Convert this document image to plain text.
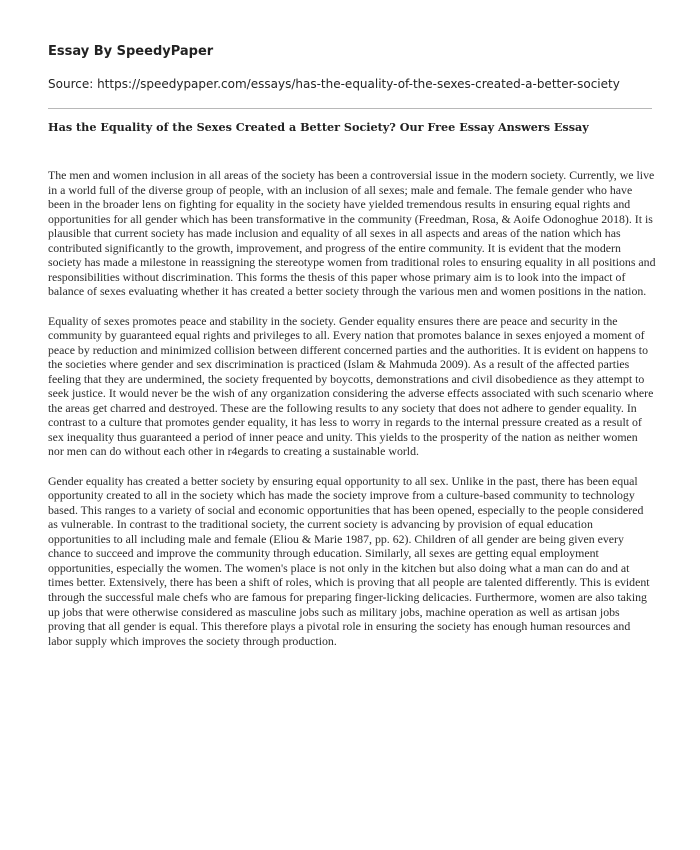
Essay By SpeedyPaper
Source: https://speedypaper.com/essays/has-the-equality-of-the-sexes-created-a-better-society
Has the Equality of the Sexes Created a Better Society? Our Free Essay Answers Essay

The men and women inclusion in all areas of the society has been a controversial issue in the modern society. Currently, we live in a world full of the diverse group of people, with an inclusion of all sexes; male and female. The female gender who have been in the broader lens on fighting for equality in the society have yielded tremendous results in ensuring equal rights and opportunities for all gender which has been transformative in the community (Freedman, Rosa, & Aoife Odonoghue 2018). It is plausible that current society has made inclusion and equality of all sexes in all aspects and areas of the nation which has contributed significantly to the growth, improvement, and progress of the entire community. It is evident that the modern society has made a milestone in reassigning the stereotype women from traditional roles to ensuring equality in all positions and responsibilities without discrimination. This forms the thesis of this paper whose primary aim is to look into the impact of balance of sexes evaluating whether it has created a better society through the various men and women positions in the nation.

Equality of sexes promotes peace and stability in the society. Gender equality ensures there are peace and security in the community by guaranteed equal rights and privileges to all. Every nation that promotes balance in sexes enjoyed a moment of peace by reduction and minimized collision between different concerned parties and the authorities. It is evident on happens to the societies where gender and sex discrimination is practiced (Islam & Mahmuda 2009). As a result of the affected parties feeling that they are undermined, the society frequented by boycotts, demonstrations and civil disobedience as they attempt to seek justice. It would never be the wish of any organization considering the adverse effects associated with such scenario where the areas get charred and destroyed. These are the following results to any society that does not adhere to gender equality. In contrast to a culture that promotes gender equality, it has less to worry in regards to the internal pressure created as a result of sex inequality thus guaranteed a period of inner peace and unity. This yields to the prosperity of the nation as neither women nor men can do without each other in r4egards to creating a sustainable world.

Gender equality has created a better society by ensuring equal opportunity to all sex. Unlike in the past, there has been equal opportunity created to all in the society which has made the society improve from a culture-based community to technology based. This ranges to a variety of social and economic opportunities that has been opened, especially to the people considered as vulnerable. In contrast to the traditional society, the current society is advancing by provision of equal education opportunities to all including male and female (Eliou & Marie 1987, pp. 62). Children of all gender are being given every chance to succeed and improve the community through education. Similarly, all sexes are getting equal employment opportunities, especially the women. The women's place is not only in the kitchen but also doing what a man can do and at times better. Extensively, there has been a shift of roles, which is proving that all people are talented differently. This is evident through the successful male chefs who are famous for preparing finger-licking delicacies. Furthermore, women are also taking up jobs that were otherwise considered as masculine jobs such as military jobs, machine operation as well as artisan jobs proving that all gender is equal. This therefore plays a pivotal role in ensuring the society has enough human resources and labor supply which improves the society through production.
